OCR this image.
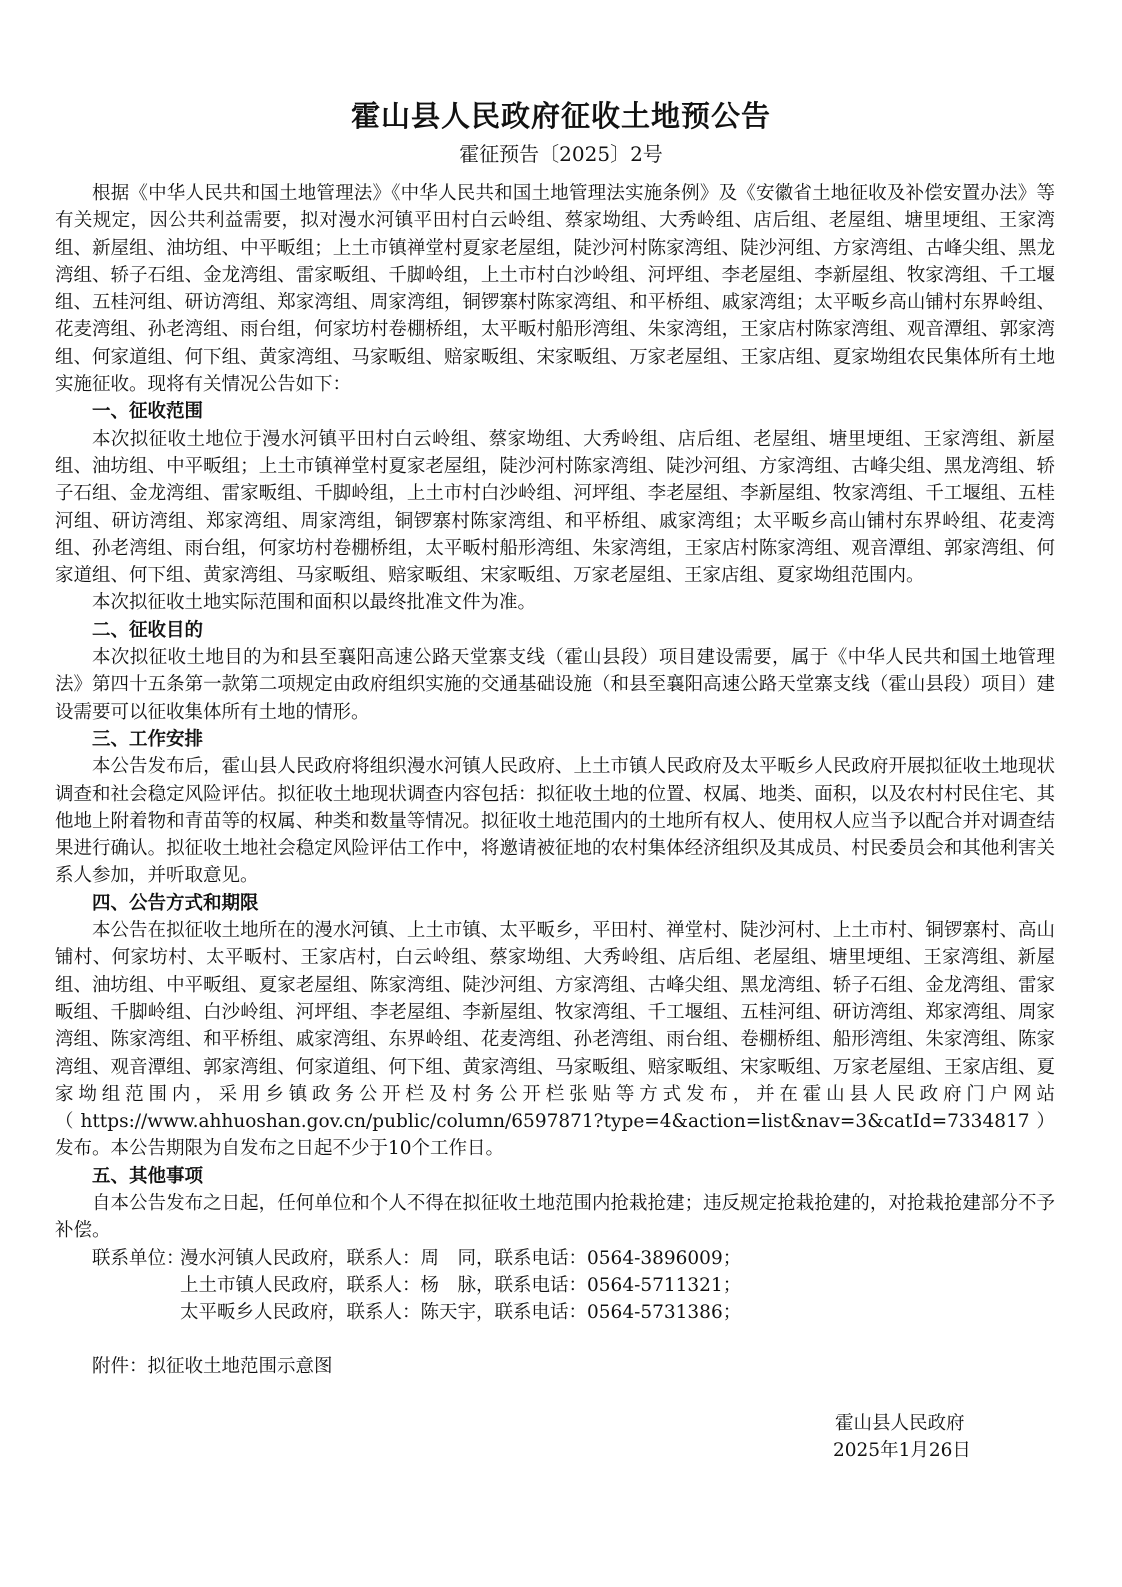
霍山县人民政府征收土地预公告
霍征预告〔2025〕2号

根据《中华人民共和国土地管理法》《中华人民共和国土地管理法实施条例》及《安徽省土地征收及补偿安置办法》等有关规定，因公共利益需要，拟对漫水河镇平田村白云岭组、蔡家坳组、大秀岭组、店后组、老屋组、塘里埂组、王家湾组、新屋组、油坊组、中平畈组；上土市镇禅堂村夏家老屋组，陡沙河村陈家湾组、陡沙河组、方家湾组、古峰尖组、黑龙湾组、轿子石组、金龙湾组、雷家畈组、千脚岭组，上土市村白沙岭组、河坪组、李老屋组、李新屋组、牧家湾组、千工堰组、五桂河组、研访湾组、郑家湾组、周家湾组，铜锣寨村陈家湾组、和平桥组、戚家湾组；太平畈乡高山铺村东界岭组、花麦湾组、孙老湾组、雨台组，何家坊村卷棚桥组，太平畈村船形湾组、朱家湾组，王家店村陈家湾组、观音潭组、郭家湾组、何家道组、何下组、黄家湾组、马家畈组、赔家畈组、宋家畈组、万家老屋组、王家店组、夏家坳组农民集体所有土地实施征收。现将有关情况公告如下：

一、征收范围

本次拟征收土地位于漫水河镇平田村白云岭组、蔡家坳组、大秀岭组、店后组、老屋组、塘里埂组、王家湾组、新屋组、油坊组、中平畈组；上土市镇禅堂村夏家老屋组，陡沙河村陈家湾组、陡沙河组、方家湾组、古峰尖组、黑龙湾组、轿子石组、金龙湾组、雷家畈组、千脚岭组，上土市村白沙岭组、河坪组、李老屋组、李新屋组、牧家湾组、千工堰组、五桂河组、研访湾组、郑家湾组、周家湾组，铜锣寨村陈家湾组、和平桥组、戚家湾组；太平畈乡高山铺村东界岭组、花麦湾组、孙老湾组、雨台组，何家坊村卷棚桥组，太平畈村船形湾组、朱家湾组，王家店村陈家湾组、观音潭组、郭家湾组、何家道组、何下组、黄家湾组、马家畈组、赔家畈组、宋家畈组、万家老屋组、王家店组、夏家坳组范围内。

本次拟征收土地实际范围和面积以最终批准文件为准。

二、征收目的

本次拟征收土地目的为和县至襄阳高速公路天堂寨支线（霍山县段）项目建设需要，属于《中华人民共和国土地管理法》第四十五条第一款第二项规定由政府组织实施的交通基础设施（和县至襄阳高速公路天堂寨支线（霍山县段）项目）建设需要可以征收集体所有土地的情形。

三、工作安排

本公告发布后，霍山县人民政府将组织漫水河镇人民政府、上土市镇人民政府及太平畈乡人民政府开展拟征收土地现状调查和社会稳定风险评估。拟征收土地现状调查内容包括：拟征收土地的位置、权属、地类、面积，以及农村村民住宅、其他地上附着物和青苗等的权属、种类和数量等情况。拟征收土地范围内的土地所有权人、使用权人应当予以配合并对调查结果进行确认。拟征收土地社会稳定风险评估工作中，将邀请被征地的农村集体经济组织及其成员、村民委员会和其他利害关系人参加，并听取意见。

四、公告方式和期限

本公告在拟征收土地所在的漫水河镇、上土市镇、太平畈乡，平田村、禅堂村、陡沙河村、上土市村、铜锣寨村、高山铺村、何家坊村、太平畈村、王家店村，白云岭组、蔡家坳组、大秀岭组、店后组、老屋组、塘里埂组、王家湾组、新屋组、油坊组、中平畈组、夏家老屋组、陈家湾组、陡沙河组、方家湾组、古峰尖组、黑龙湾组、轿子石组、金龙湾组、雷家畈组、千脚岭组、白沙岭组、河坪组、李老屋组、李新屋组、牧家湾组、千工堰组、五桂河组、研访湾组、郑家湾组、周家湾组、陈家湾组、和平桥组、戚家湾组、东界岭组、花麦湾组、孙老湾组、雨台组、卷棚桥组、船形湾组、朱家湾组、陈家湾组、观音潭组、郭家湾组、何家道组、何下组、黄家湾组、马家畈组、赔家畈组、宋家畈组、万家老屋组、王家店组、夏家坳组范围内，采用乡镇政务公开栏及村务公开栏张贴等方式发布，并在霍山县人民政府门户网站（https://www.ahhuoshan.gov.cn/public/column/6597871?type=4&action=list&nav=3&catId=7334817）发布。本公告期限为自发布之日起不少于10个工作日。

五、其他事项

自本公告发布之日起，任何单位和个人不得在拟征收土地范围内抢栽抢建；违反规定抢栽抢建的，对抢栽抢建部分不予补偿。

联系单位：
漫水河镇人民政府，联系人：周　同，联系电话：0564-3896009；
上土市镇人民政府，联系人：杨　脉，联系电话：0564-5711321；
太平畈乡人民政府，联系人：陈天宇，联系电话：0564-5731386；
附件：拟征收土地范围示意图
霍山县人民政府
2025年1月26日
